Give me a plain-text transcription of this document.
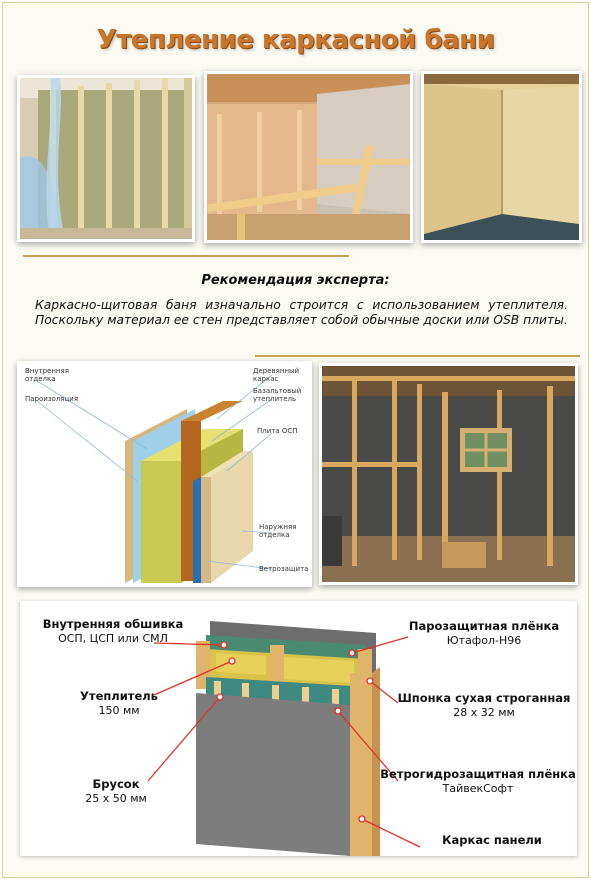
Утепление каркасной бани
Рекомендация эксперта:
Каркасно-щитовая баня изначально строится с использованием утеплителя. Поскольку материал ее стен представляет собой обычные доски или OSB плиты.
Внутренняя
отделка
Пароизоляция
Деревянный
каркас
Базальтовый
утеплитель
Плита ОСП
Наружняя
отделка
Ветрозащита
Внутренняя обшивка
ОСП, ЦСП или СМЛ
Утеплитель
150 мм
Брусок
25 х 50 мм
Парозащитная плёнка
Ютафол-Н96
Шпонка сухая строганная
28 х 32 мм
Ветрогидрозащитная плёнка
ТайвекСофт
Каркас панели
